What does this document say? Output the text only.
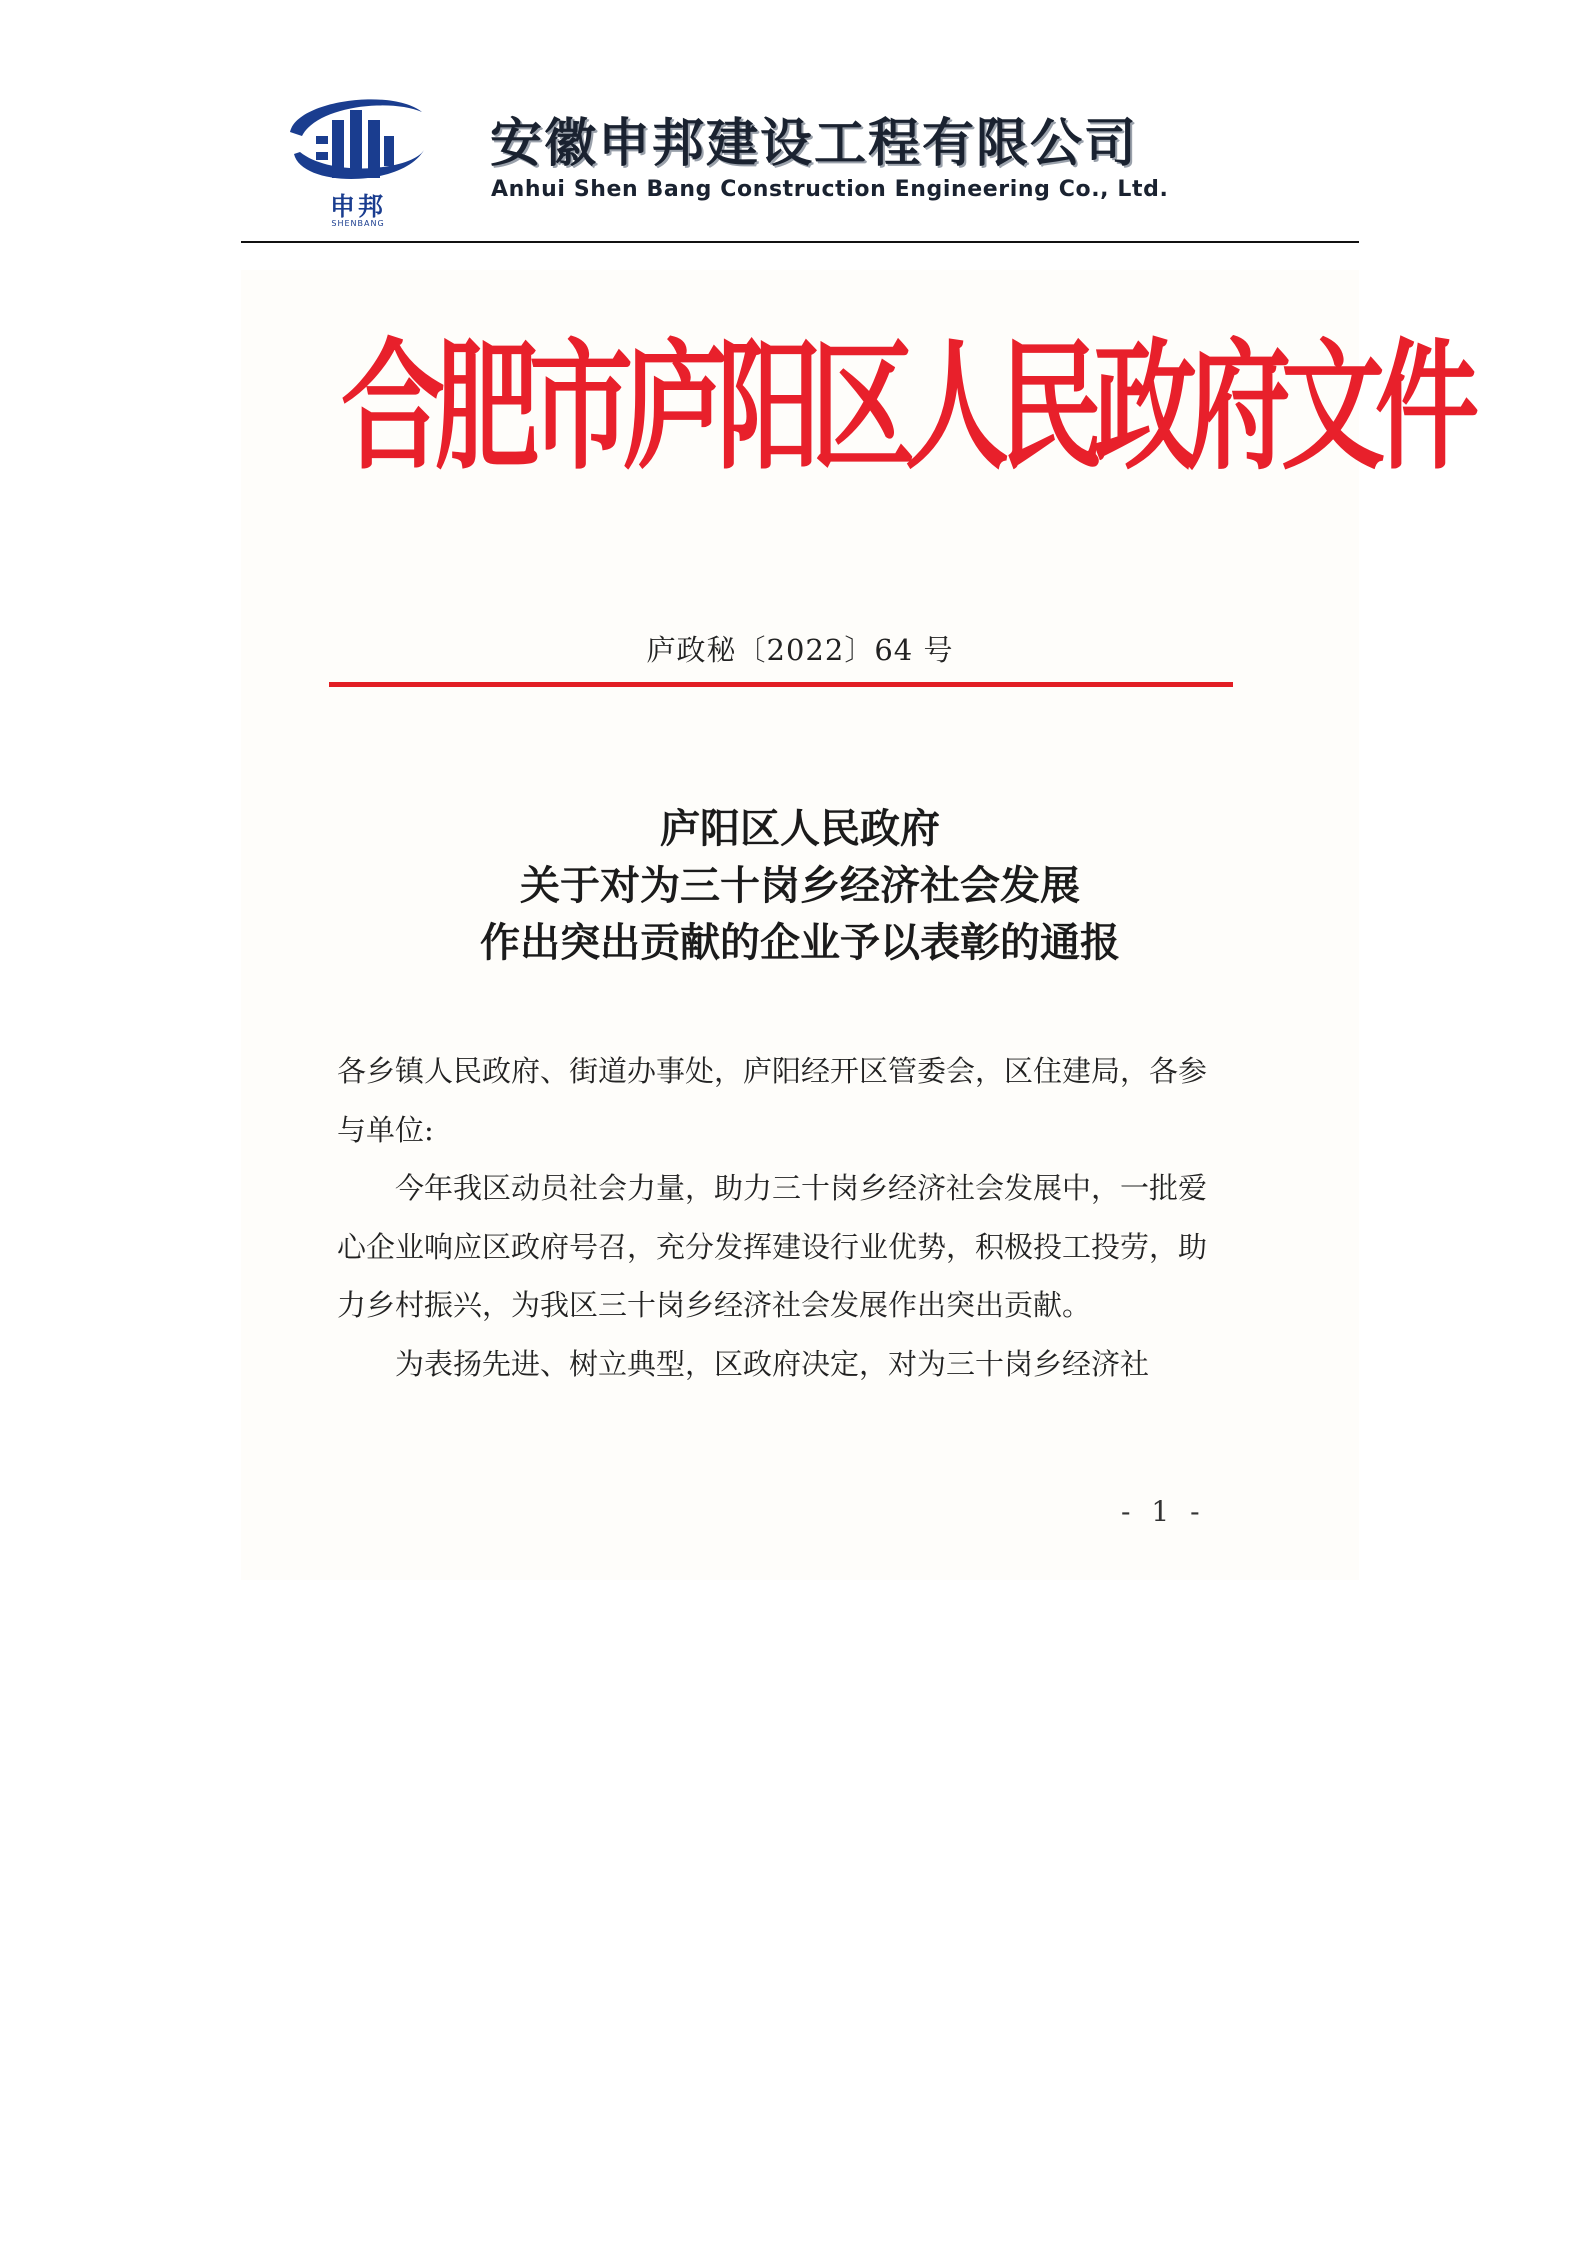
申邦
SHENBANG
安徽申邦建设工程有限公司
Anhui Shen Bang Construction Engineering Co., Ltd.
合肥市庐阳区人民政府文件
庐政秘〔2022〕64 号
庐阳区人民政府
关于对为三十岗乡经济社会发展
作出突出贡献的企业予以表彰的通报

各乡镇人民政府、街道办事处，庐阳经开区管委会，区住建局，各参与单位:

今年我区动员社会力量，助力三十岗乡经济社会发展中，一批爱心企业响应区政府号召，充分发挥建设行业优势，积极投工投劳，助力乡村振兴，为我区三十岗乡经济社会发展作出突出贡献。

为表扬先进、树立典型，区政府决定，对为三十岗乡经济社

- 1 -
